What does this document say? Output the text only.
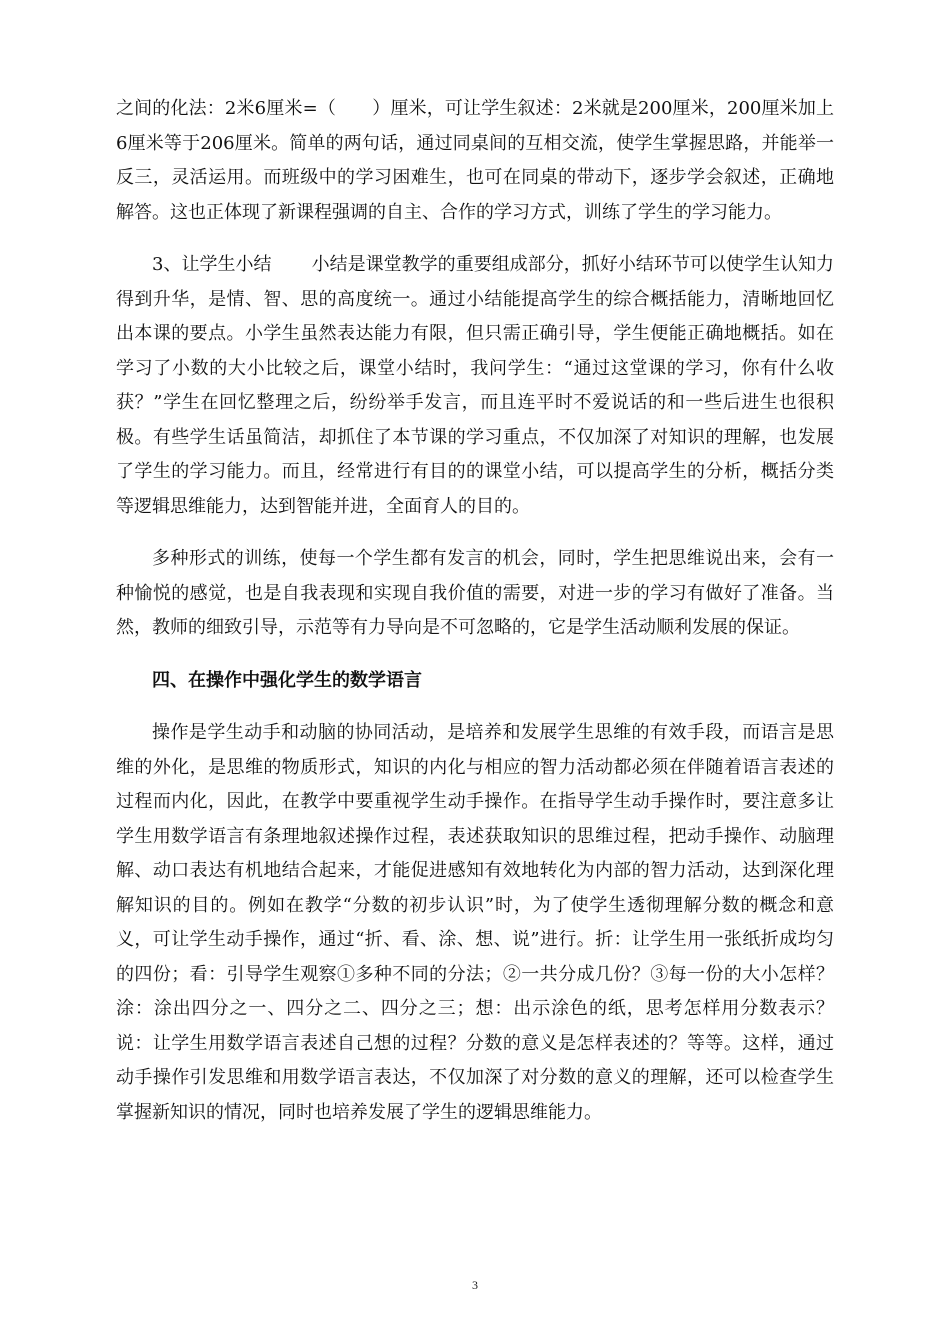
之间的化法：2米6厘米=（　　）厘米，可让学生叙述：2米就是200厘米，200厘米加上6厘米等于206厘米。简单的两句话，通过同桌间的互相交流，使学生掌握思路，并能举一反三，灵活运用。而班级中的学习困难生，也可在同桌的带动下，逐步学会叙述，正确地解答。这也正体现了新课程强调的自主、合作的学习方式，训练了学生的学习能力。

3、让学生小结 小结是课堂教学的重要组成部分，抓好小结环节可以使学生认知力得到升华，是情、智、思的高度统一。通过小结能提高学生的综合概括能力，清晰地回忆出本课的要点。小学生虽然表达能力有限，但只需正确引导，学生便能正确地概括。如在学习了小数的大小比较之后，课堂小结时，我问学生：“通过这堂课的学习，你有什么收获？”学生在回忆整理之后，纷纷举手发言，而且连平时不爱说话的和一些后进生也很积极。有些学生话虽简洁，却抓住了本节课的学习重点，不仅加深了对知识的理解，也发展了学生的学习能力。而且，经常进行有目的的课堂小结，可以提高学生的分析，概括分类等逻辑思维能力，达到智能并进，全面育人的目的。

多种形式的训练，使每一个学生都有发言的机会，同时，学生把思维说出来，会有一种愉悦的感觉，也是自我表现和实现自我价值的需要，对进一步的学习有做好了准备。当然，教师的细致引导，示范等有力导向是不可忽略的，它是学生活动顺利发展的保证。

四、在操作中强化学生的数学语言

操作是学生动手和动脑的协同活动，是培养和发展学生思维的有效手段，而语言是思维的外化，是思维的物质形式，知识的内化与相应的智力活动都必须在伴随着语言表述的过程而内化，因此，在教学中要重视学生动手操作。在指导学生动手操作时，要注意多让学生用数学语言有条理地叙述操作过程，表述获取知识的思维过程，把动手操作、动脑理解、动口表达有机地结合起来，才能促进感知有效地转化为内部的智力活动，达到深化理解知识的目的。例如在教学“分数的初步认识”时，为了使学生透彻理解分数的概念和意义，可让学生动手操作，通过“折、看、涂、想、说”进行。折：让学生用一张纸折成均匀的四份；看：引导学生观察①多种不同的分法；②一共分成几份？③每一份的大小怎样？涂：涂出四分之一、四分之二、四分之三；想：出示涂色的纸，思考怎样用分数表示？说：让学生用数学语言表述自己想的过程？分数的意义是怎样表述的？等等。这样，通过动手操作引发思维和用数学语言表达，不仅加深了对分数的意义的理解，还可以检查学生掌握新知识的情况，同时也培养发展了学生的逻辑思维能力。

3
